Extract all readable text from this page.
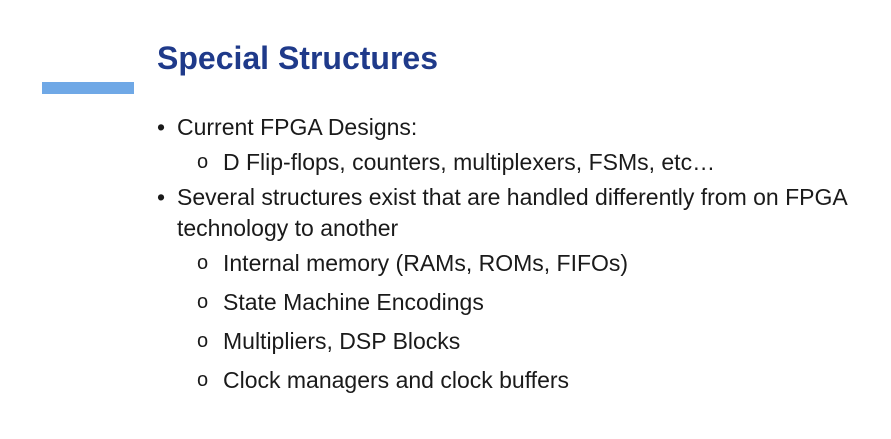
Special Structures
• Current FPGA Designs:
o D Flip-flops, counters, multiplexers, FSMs, etc…
• Several structures exist that are handled differently from on FPGA technology to another
o Internal memory (RAMs, ROMs, FIFOs)
o State Machine Encodings
o Multipliers, DSP Blocks
o Clock managers and clock buffers
